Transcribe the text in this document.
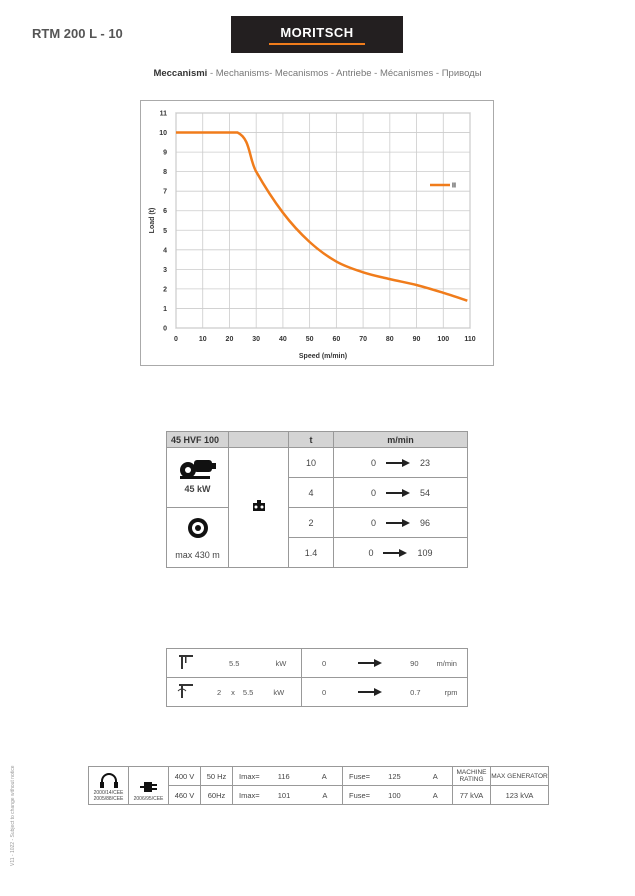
RTM 200 L - 10	MORITSCH
Meccanismi - Mechanisms- Mecanismos - Antriebe - Mécanismes - Приводы
0	10	20	30	40	50	60	70	80	90 100 110
0
1
2
3
4
5
6
7
8
9
10
11
Speed (m/min)
Load (t)
II
45 HVF 100		t	m/min

45 kW		10	0 23

		4	0 54

max 430 m		2	0 96

		1.4	0 109
5.5 kW	0 90 m/min

2 x 5.5 kW	0 0.7 rpm
2000/14/CEE
2005/88/CEE	2006/95/CEE	400 V	50 Hz	Imax= 116 A	Fuse= 125 A	MACHINE RATING	MAX GENERATOR
		460 V	60Hz	Imax= 101 A	Fuse= 100 A	77 kVA	123 kVA
V11 - 1022 - Subject to change without notice
